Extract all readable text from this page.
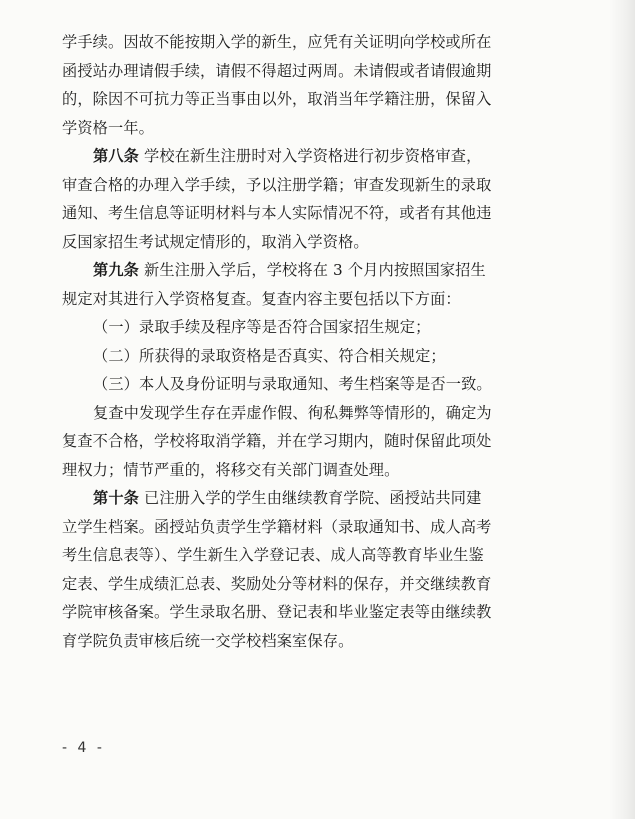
学手续。因故不能按期入学的新生，应凭有关证明向学校或所在
函授站办理请假手续，请假不得超过两周。未请假或者请假逾期
的，除因不可抗力等正当事由以外，取消当年学籍注册，保留入
学资格一年。
第八条 学校在新生注册时对入学资格进行初步资格审查，
审查合格的办理入学手续，予以注册学籍；审查发现新生的录取
通知、考生信息等证明材料与本人实际情况不符，或者有其他违
反国家招生考试规定情形的，取消入学资格。
第九条 新生注册入学后，学校将在 3 个月内按照国家招生
规定对其进行入学资格复查。复查内容主要包括以下方面：
（一）录取手续及程序等是否符合国家招生规定；
（二）所获得的录取资格是否真实、符合相关规定；
（三）本人及身份证明与录取通知、考生档案等是否一致。
复查中发现学生存在弄虚作假、徇私舞弊等情形的，确定为
复查不合格，学校将取消学籍，并在学习期内，随时保留此项处
理权力；情节严重的，将移交有关部门调查处理。
第十条 已注册入学的学生由继续教育学院、函授站共同建
立学生档案。函授站负责学生学籍材料（录取通知书、成人高考
考生信息表等）、学生新生入学登记表、成人高等教育毕业生鉴
定表、学生成绩汇总表、奖励处分等材料的保存，并交继续教育
学院审核备案。学生录取名册、登记表和毕业鉴定表等由继续教
育学院负责审核后统一交学校档案室保存。
- 4 -
